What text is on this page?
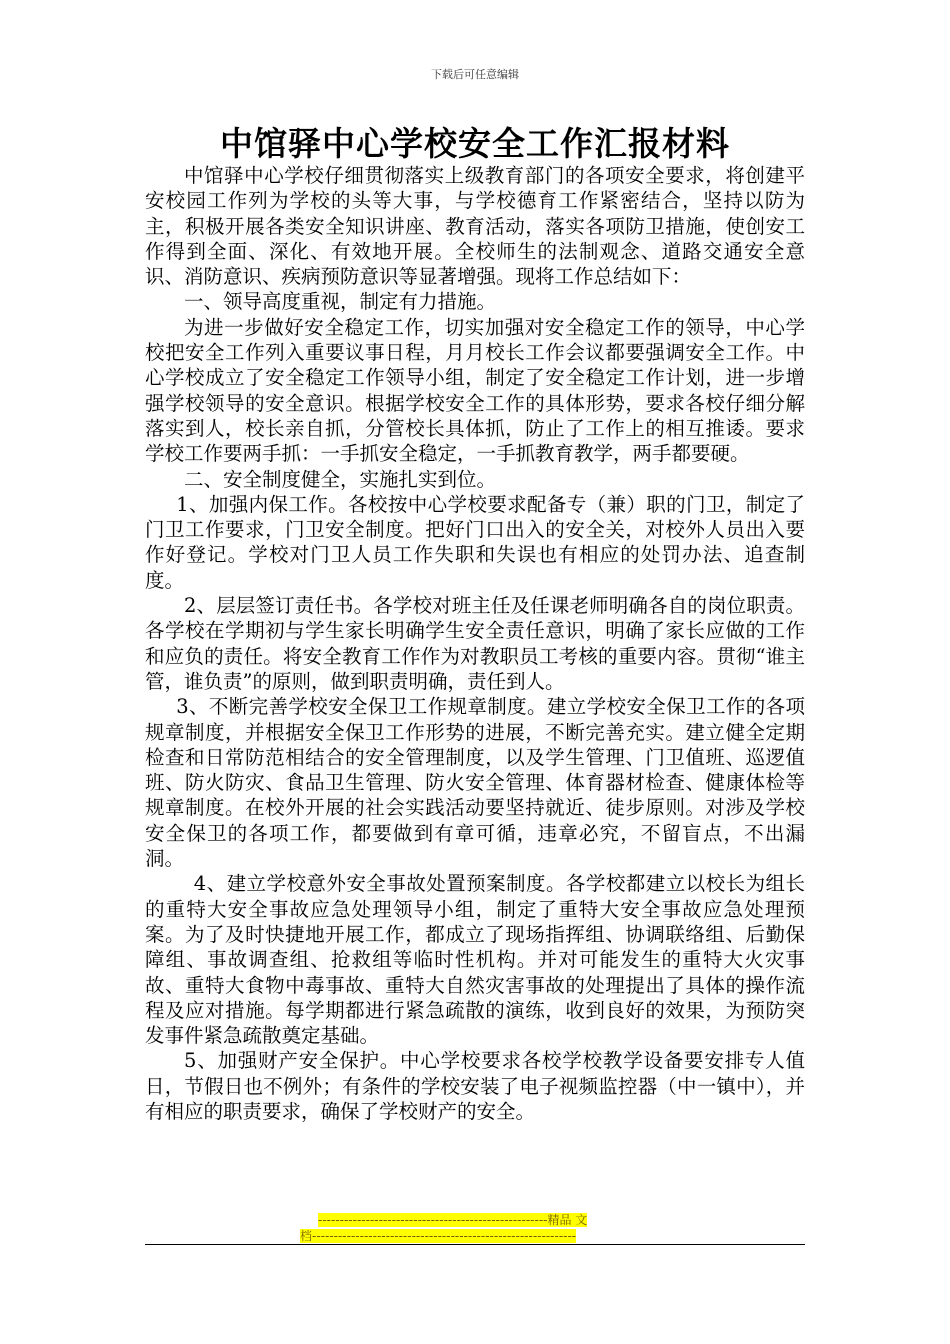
下载后可任意编辑
中馆驿中心学校安全工作汇报材料

中馆驿中心学校仔细贯彻落实上级教育部门的各项安全要求，将创建平安校园工作列为学校的头等大事，与学校德育工作紧密结合，坚持以防为主，积极开展各类安全知识讲座、教育活动，落实各项防卫措施，使创安工作得到全面、深化、有效地开展。全校师生的法制观念、道路交通安全意识、消防意识、疾病预防意识等显著增强。现将工作总结如下：

一、领导高度重视，制定有力措施。

为进一步做好安全稳定工作，切实加强对安全稳定工作的领导，中心学校把安全工作列入重要议事日程，月月校长工作会议都要强调安全工作。中心学校成立了安全稳定工作领导小组，制定了安全稳定工作计划，进一步增强学校领导的安全意识。根据学校安全工作的具体形势，要求各校仔细分解落实到人，校长亲自抓，分管校长具体抓，防止了工作上的相互推诿。要求学校工作要两手抓：一手抓安全稳定，一手抓教育教学，两手都要硬。

二、安全制度健全，实施扎实到位。

1、加强内保工作。各校按中心学校要求配备专（兼）职的门卫，制定了门卫工作要求，门卫安全制度。把好门口出入的安全关，对校外人员出入要作好登记。学校对门卫人员工作失职和失误也有相应的处罚办法、追查制度。

2、层层签订责任书。各学校对班主任及任课老师明确各自的岗位职责。各学校在学期初与学生家长明确学生安全责任意识，明确了家长应做的工作和应负的责任。将安全教育工作作为对教职员工考核的重要内容。贯彻“谁主管，谁负责”的原则，做到职责明确，责任到人。

3、不断完善学校安全保卫工作规章制度。建立学校安全保卫工作的各项规章制度，并根据安全保卫工作形势的进展，不断完善充实。建立健全定期检查和日常防范相结合的安全管理制度，以及学生管理、门卫值班、巡逻值班、防火防灾、食品卫生管理、防火安全管理、体育器材检查、健康体检等规章制度。在校外开展的社会实践活动要坚持就近、徒步原则。对涉及学校安全保卫的各项工作，都要做到有章可循，违章必究，不留盲点，不出漏洞。

4、建立学校意外安全事故处置预案制度。各学校都建立以校长为组长的重特大安全事故应急处理领导小组，制定了重特大安全事故应急处理预案。为了及时快捷地开展工作，都成立了现场指挥组、协调联络组、后勤保障组、事故调查组、抢救组等临时性机构。并对可能发生的重特大火灾事故、重特大食物中毒事故、重特大自然灾害事故的处理提出了具体的操作流程及应对措施。每学期都进行紧急疏散的演练，收到良好的效果，为预防突发事件紧急疏散奠定基础。

5、加强财产安全保护。中心学校要求各校学校教学设备要安排专人值日，节假日也不例外；有条件的学校安装了电子视频监控器（中一镇中），并有相应的职责要求，确保了学校财产的安全。

-----------------------------------------------------精品 文
档-------------------------------------------------------------
